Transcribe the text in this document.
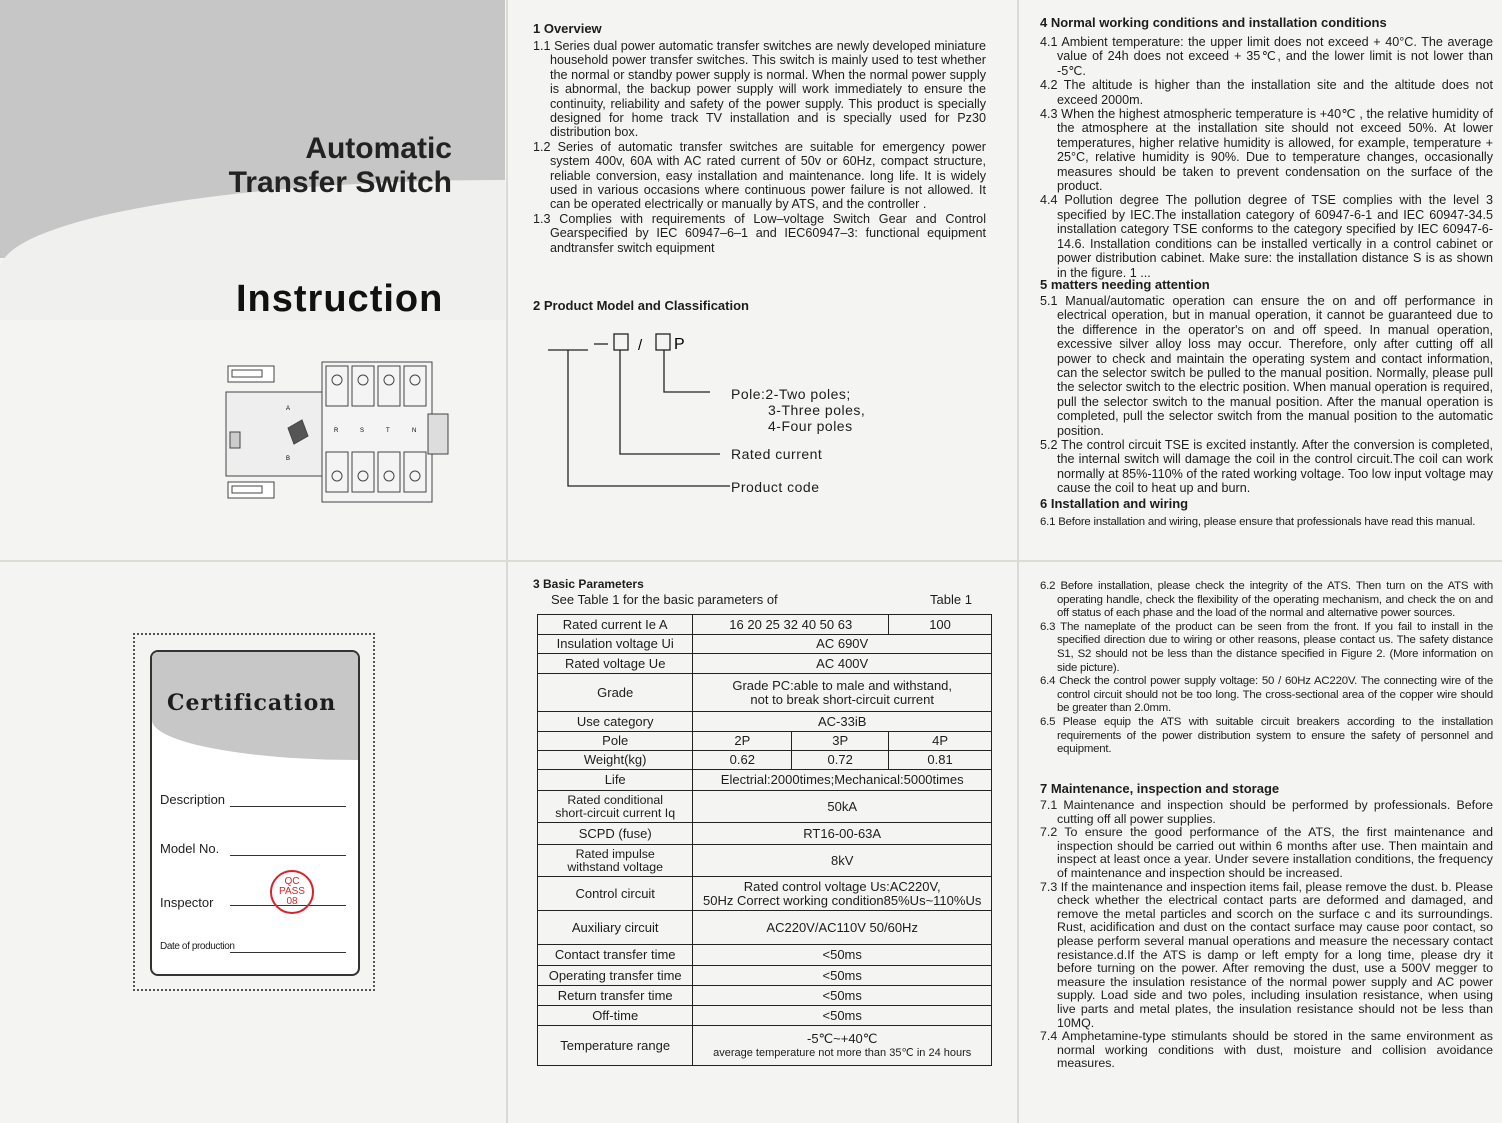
Automatic
Transfer Switch
Instruction
A
B
R	S	T	N
Certification
Description
Model No.
Inspector
QC
PASS
08
Date of production
1 Overview

1.1 Series dual power automatic transfer switches are newly developed miniature household power transfer switches. This switch is mainly used to test whether the normal or standby power supply is normal. When the normal power supply is abnormal, the backup power supply will work immediately to ensure the continuity, reliability and safety of the power supply. This product is specially designed for home track TV installation and is specially used for Pz30 distribution box.

1.2 Series of automatic transfer switches are suitable for emergency power system 400v, 60A with AC rated current of 50v or 60Hz, compact structure, reliable conversion, easy installation and maintenance. long life. It is widely used in various occasions where continuous power failure is not allowed. It can be operated electrically or manually by ATS, and the controller .

1.3 Complies with requirements of Low–voltage Switch Gear and Control Gearspecified by IEC 60947–6–1 and IEC60947–3: functional equipment andtransfer switch equipment

2 Product Model and Classification
/ P
Pole:2-Two poles;
3-Three poles,
4-Four poles
Rated current
Product code
3 Basic Parameters
See Table 1 for the basic parameters of	Table 1
Rated current Ie A	16 20 25 32 40 50 63		100
Insulation voltage Ui	AC 690V		
Rated voltage Ue	AC 400V		
Grade	Grade PC:able to male and withstand,
not to break short-circuit current		

Use category	AC-33iB		
Pole	2P	3P	4P
Weight(kg)	0.62	0.72	0.81
Life	Electrial:2000times;Mechanical:5000times		

Rated conditional
short-circuit current Iq	50kA		
SCPD (fuse)	RT16-00-63A		

Rated impulse
withstand voltage	8kV		
Control circuit	Rated control voltage Us:AC220V,
50Hz Correct working condition85%Us~110%Us		

Auxiliary circuit	AC220V/AC110V 50/60Hz		
Contact transfer time	<50ms		
Operating transfer time	<50ms		
Return transfer time	<50ms		
Off-time	<50ms		
Temperature range	-5℃~+40℃
average temperature not more than 35℃ in 24 hours		
4 Normal working conditions and installation conditions

4.1 Ambient temperature: the upper limit does not exceed + 40°C. The average value of 24h does not exceed + 35℃, and the lower limit is not lower than -5℃.

4.2 The altitude is higher than the installation site and the altitude does not exceed 2000m.

4.3 When the highest atmospheric temperature is +40℃ , the relative humidity of the atmosphere at the installation site should not exceed 50%. At lower temperatures, higher relative humidity is allowed, for example, temperature + 25°C, relative humidity is 90%. Due to temperature changes, occasionally measures should be taken to prevent condensation on the surface of the product.

4.4 Pollution degree The pollution degree of TSE complies with the level 3 specified by IEC.The installation category of 60947-6-1 and IEC 60947-34.5 installation category TSE conforms to the category specified by IEC 60947-6-14.6. Installation conditions can be installed vertically in a control cabinet or power distribution cabinet. Make sure: the installation distance S is as shown in the figure. 1 ...

5 matters needing attention

5.1 Manual/automatic operation can ensure the on and off performance in electrical operation, but in manual operation, it cannot be guaranteed due to the difference in the operator's on and off speed. In manual operation, excessive silver alloy loss may occur. Therefore, only after cutting off all power to check and maintain the operating system and contact information, can the selector switch be pulled to the manual position. Normally, please pull the selector switch to the electric position. When manual operation is required, pull the selector switch to the manual position. After the manual operation is completed, pull the selector switch from the manual position to the automatic position.

5.2 The control circuit TSE is excited instantly. After the conversion is completed, the internal switch will damage the coil in the control circuit.The coil can work normally at 85%-110% of the rated working voltage. Too low input voltage may cause the coil to heat up and burn.

6 Installation and wiring

6.1 Before installation and wiring, please ensure that professionals have read this manual.

6.2 Before installation, please check the integrity of the ATS. Then turn on the ATS with operating handle, check the flexibility of the operating mechanism, and check the on and off status of each phase and the load of the normal and alternative power sources.

6.3 The nameplate of the product can be seen from the front. If you fail to install in the specified direction due to wiring or other reasons, please contact us. The safety distance S1, S2 should not be less than the distance specified in Figure 2. (More information on side picture).

6.4 Check the control power supply voltage: 50 / 60Hz AC220V. The connecting wire of the control circuit should not be too long. The cross-sectional area of the copper wire should be greater than 2.0mm.

6.5 Please equip the ATS with suitable circuit breakers according to the installation requirements of the power distribution system to ensure the safety of personnel and equipment.

7 Maintenance, inspection and storage

7.1 Maintenance and inspection should be performed by professionals. Before cutting off all power supplies.

7.2 To ensure the good performance of the ATS, the first maintenance and inspection should be carried out within 6 months after use. Then maintain and inspect at least once a year. Under severe installation conditions, the frequency of maintenance and inspection should be increased.

7.3 If the maintenance and inspection items fail, please remove the dust. b. Please check whether the electrical contact parts are deformed and damaged, and remove the metal particles and scorch on the surface c and its surroundings. Rust, acidification and dust on the contact surface may cause poor contact, so please perform several manual operations and measure the necessary contact resistance.d.If the ATS is damp or left empty for a long time, please dry it before turning on the power. After removing the dust, use a 500V megger to measure the insulation resistance of the normal power supply and AC power supply. Load side and two poles, including insulation resistance, when using live parts and metal plates, the insulation resistance should not be less than 10MQ.

7.4 Amphetamine-type stimulants should be stored in the same environment as normal working conditions with dust, moisture and collision avoidance measures.
